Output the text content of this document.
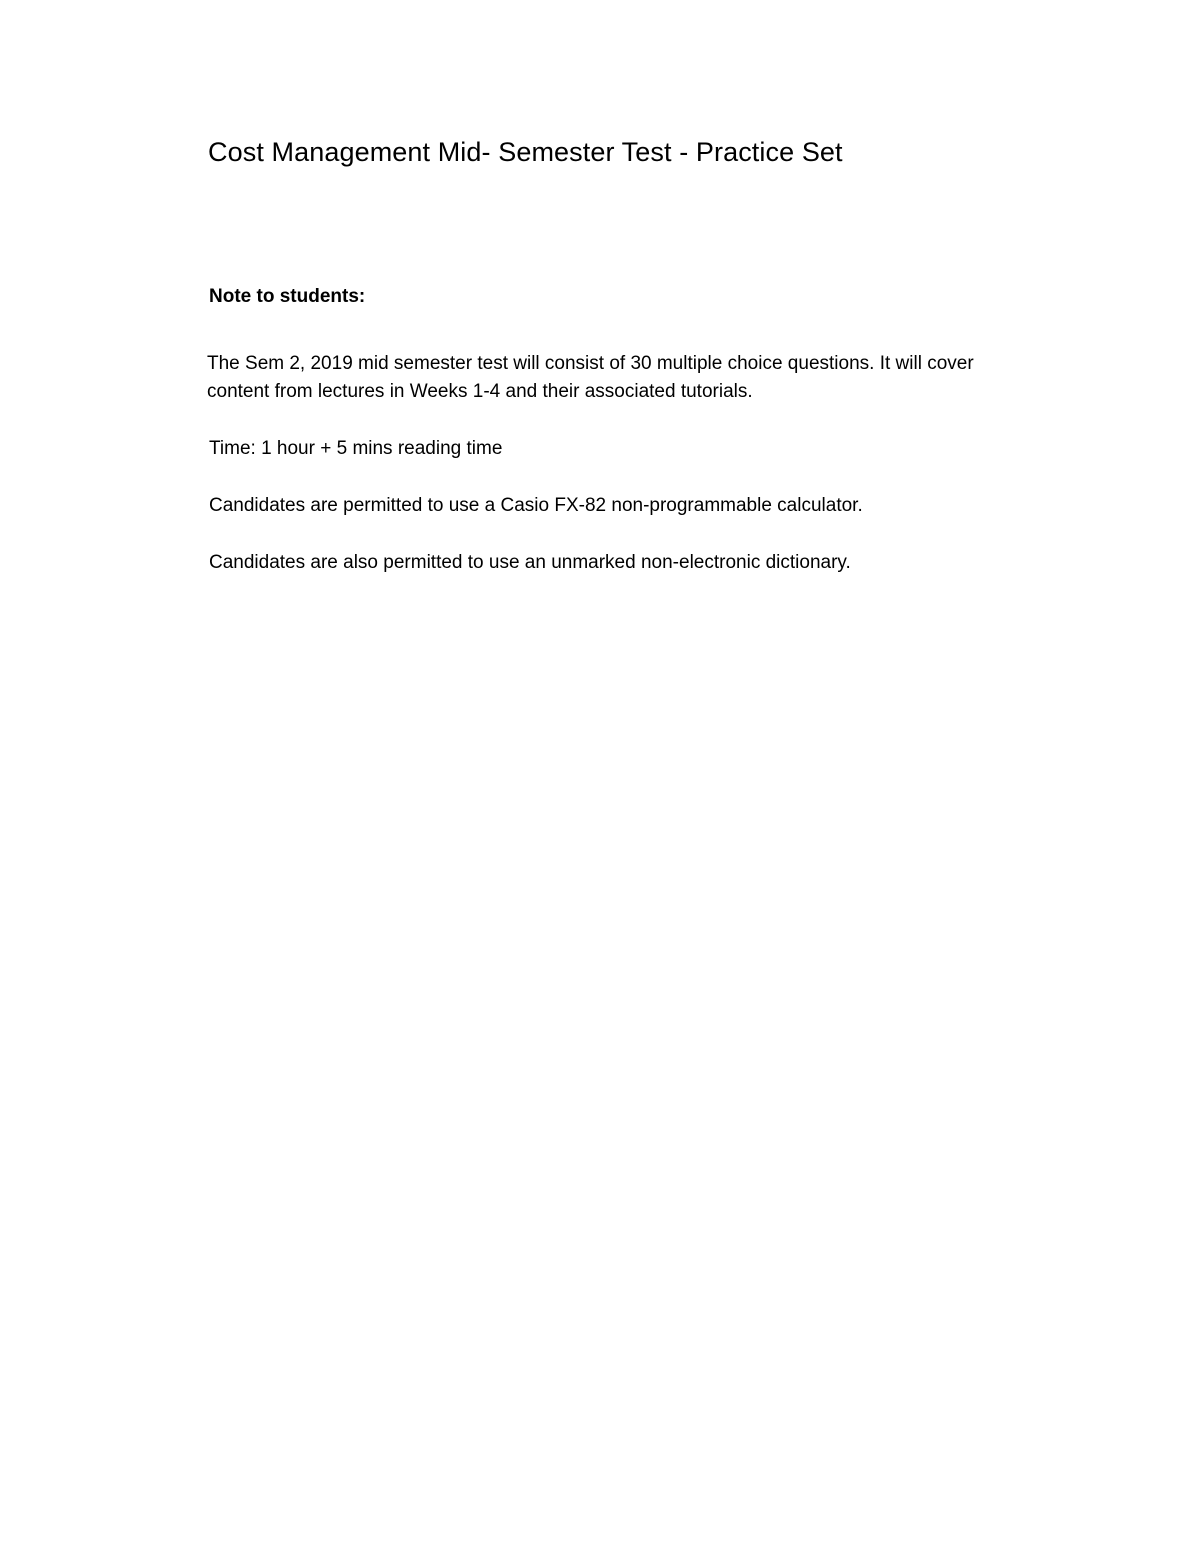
Cost Management Mid- Semester Test - Practice Set

Note to students:

The Sem 2, 2019 mid semester test will consist of 30 multiple choice questions. It will cover content from lectures in Weeks 1-4 and their associated tutorials.

Time: 1 hour + 5 mins reading time

Candidates are permitted to use a Casio FX-82 non-programmable calculator.

Candidates are also permitted to use an unmarked non-electronic dictionary.
